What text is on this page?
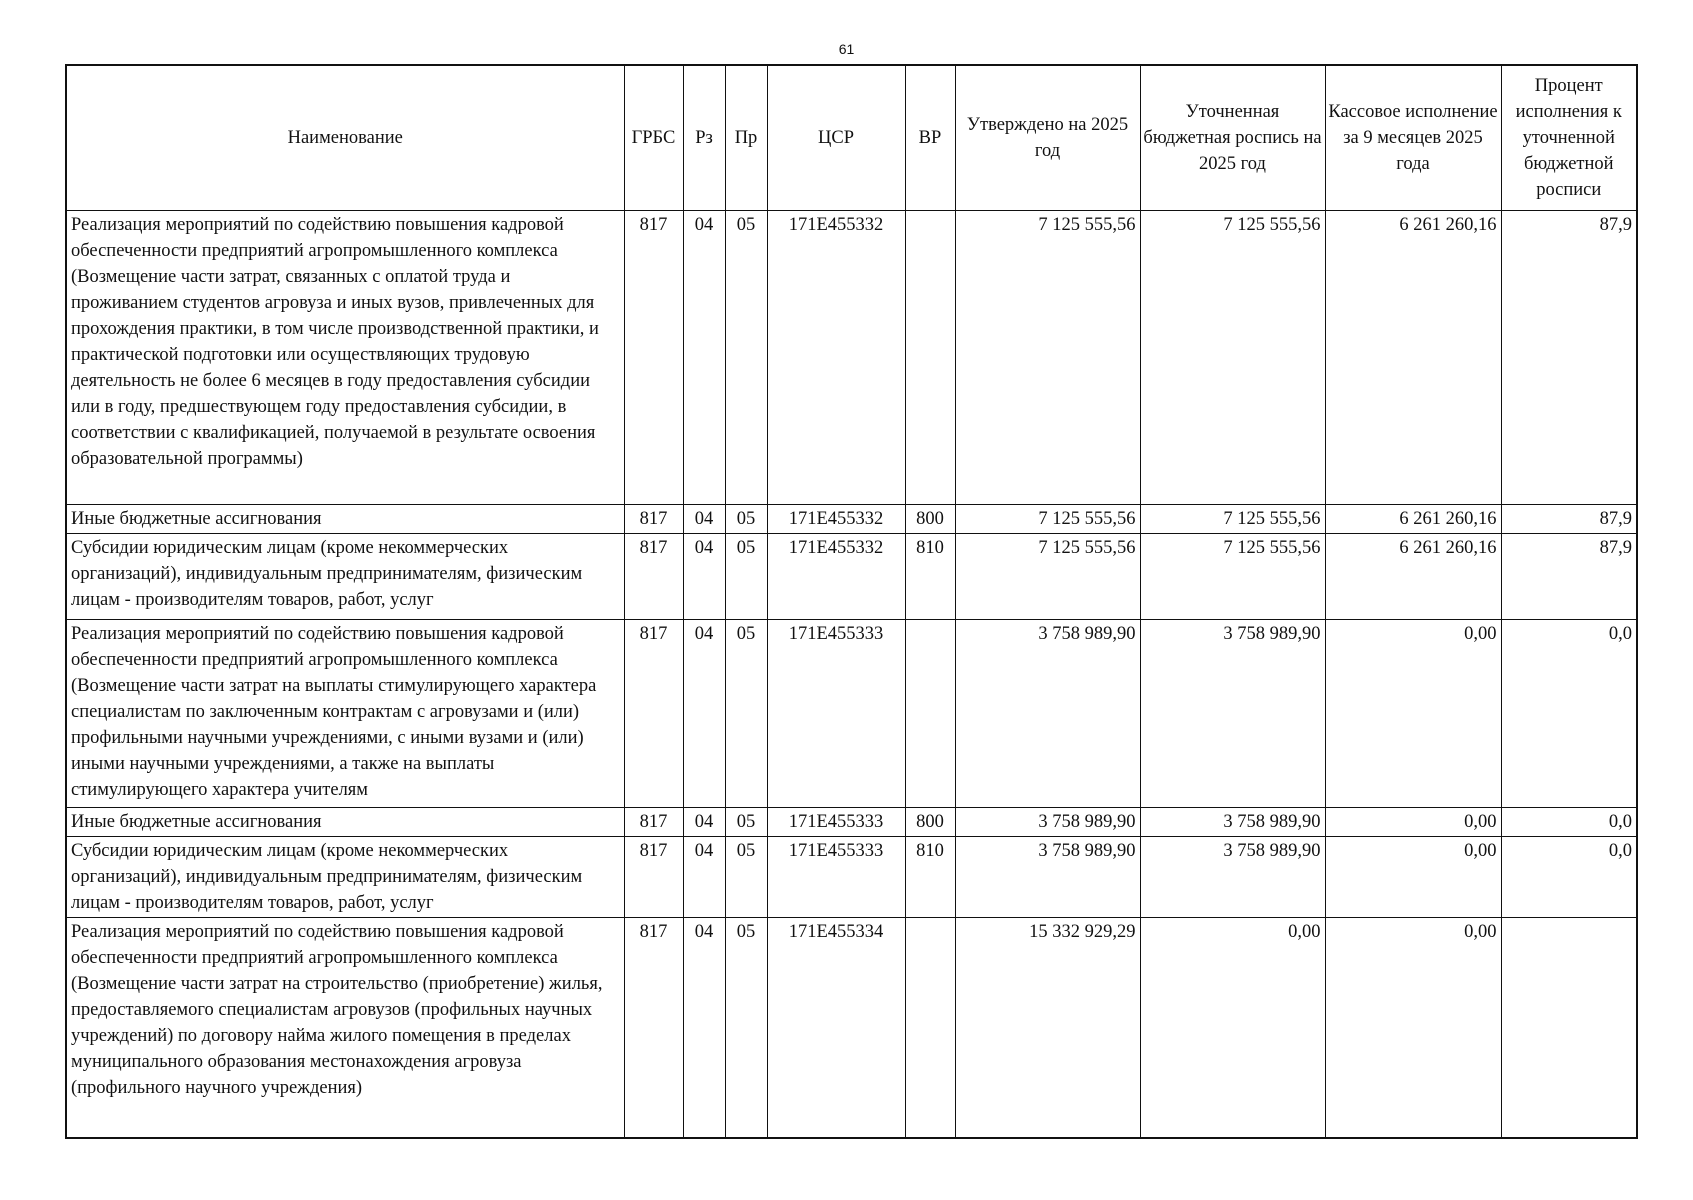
61
Наименование	ГРБС	Рз	Пр	ЦСР	ВР	Утверждено на 2025 год	Уточненная бюджетная роспись на 2025 год	Кассовое исполнение за 9 месяцев 2025 года	Процент исполнения к уточненной бюджетной росписи
Реализация мероприятий по содействию повышения кадровой обеспеченности предприятий агропромышленного комплекса (Возмещение части затрат, связанных с оплатой труда и проживанием студентов агровуза и иных вузов, привлеченных для прохождения практики, в том числе производственной практики, и практической подготовки или осуществляющих трудовую деятельность не более 6 месяцев в году предоставления субсидии или в году, предшествующем году предоставления субсидии, в соответствии с квалификацией, получаемой в результате освоения образовательной программы)	817	04	05	171E455332		7 125 555,56	7 125 555,56	6 261 260,16	87,9
Иные бюджетные ассигнования	817	04	05	171E455332	800	7 125 555,56	7 125 555,56	6 261 260,16	87,9
Субсидии юридическим лицам (кроме некоммерческих организаций), индивидуальным предпринимателям, физическим лицам - производителям товаров, работ, услуг	817	04	05	171E455332	810	7 125 555,56	7 125 555,56	6 261 260,16	87,9
Реализация мероприятий по содействию повышения кадровой обеспеченности предприятий агропромышленного комплекса (Возмещение части затрат на выплаты стимулирующего характера специалистам по заключенным контрактам с агровузами и (или) профильными научными учреждениями, с иными вузами и (или) иными научными учреждениями, а также на выплаты стимулирующего характера учителям	817	04	05	171E455333		3 758 989,90	3 758 989,90	0,00	0,0
Иные бюджетные ассигнования	817	04	05	171E455333	800	3 758 989,90	3 758 989,90	0,00	0,0
Субсидии юридическим лицам (кроме некоммерческих организаций), индивидуальным предпринимателям, физическим лицам - производителям товаров, работ, услуг	817	04	05	171E455333	810	3 758 989,90	3 758 989,90	0,00	0,0
Реализация мероприятий по содействию повышения кадровой обеспеченности предприятий агропромышленного комплекса (Возмещение части затрат на строительство (приобретение) жилья, предоставляемого специалистам агровузов (профильных научных учреждений) по договору найма жилого помещения в пределах муниципального образования местонахождения агровуза (профильного научного учреждения)	817	04	05	171E455334		15 332 929,29	0,00	0,00	
